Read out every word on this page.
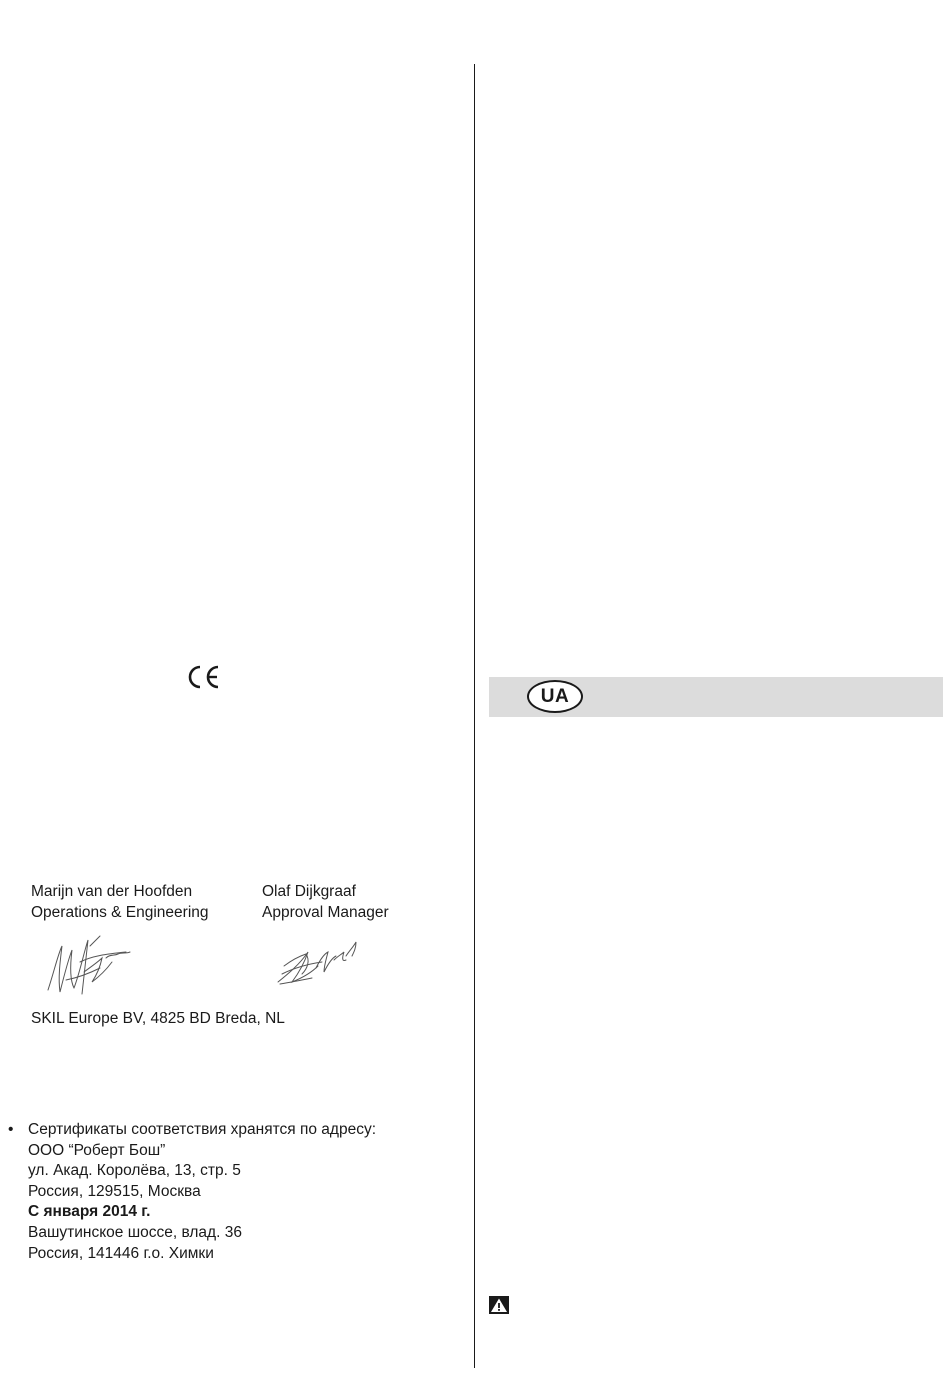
Marijn van der Hoofden
Operations & Engineering
Olaf Dijkgraaf
Approval Manager
SKIL Europe BV, 4825 BD Breda, NL
• Сертификаты соответствия хранятся по адресу:
ООО “Роберт Бош”
ул. Акад. Королёва, 13, стр. 5
Россия, 129515, Москва
С января 2014 г.
Вашутинское шоссе, влад. 36
Россия, 141446 г.о. Химки
UA
